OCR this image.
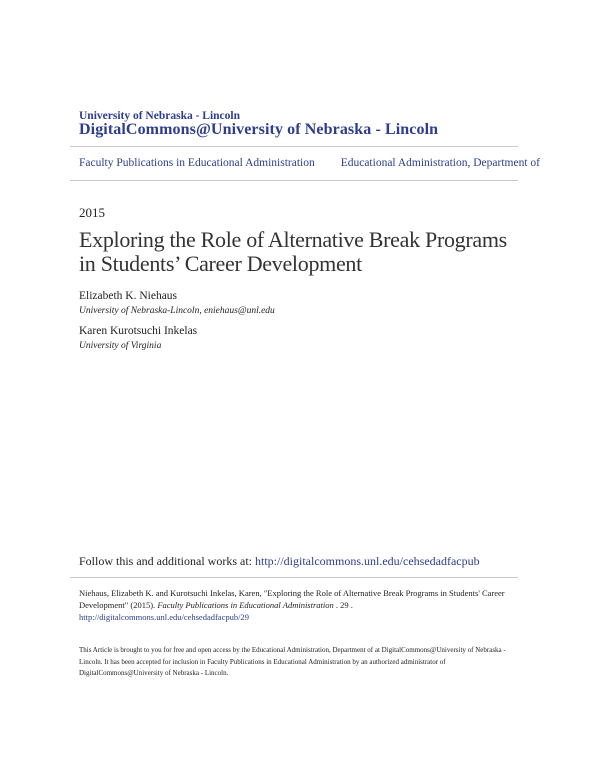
University of Nebraska - Lincoln
DigitalCommons@University of Nebraska - Lincoln
Faculty Publications in Educational Administration Educational Administration, Department of
2015
Exploring the Role of Alternative Break Programs in Students’ Career Development
Elizabeth K. Niehaus
University of Nebraska-Lincoln, eniehaus@unl.edu
Karen Kurotsuchi Inkelas
University of Virginia
Follow this and additional works at: http://digitalcommons.unl.edu/cehsedadfacpub
Niehaus, Elizabeth K. and Kurotsuchi Inkelas, Karen, "Exploring the Role of Alternative Break Programs in Students' Career Development" (2015). Faculty Publications in Educational Administration . 29 .
http://digitalcommons.unl.edu/cehsedadfacpub/29
This Article is brought to you for free and open access by the Educational Administration, Department of at DigitalCommons@University of Nebraska - Lincoln. It has been accepted for inclusion in Faculty Publications in Educational Administration by an authorized administrator of DigitalCommons@University of Nebraska - Lincoln.
